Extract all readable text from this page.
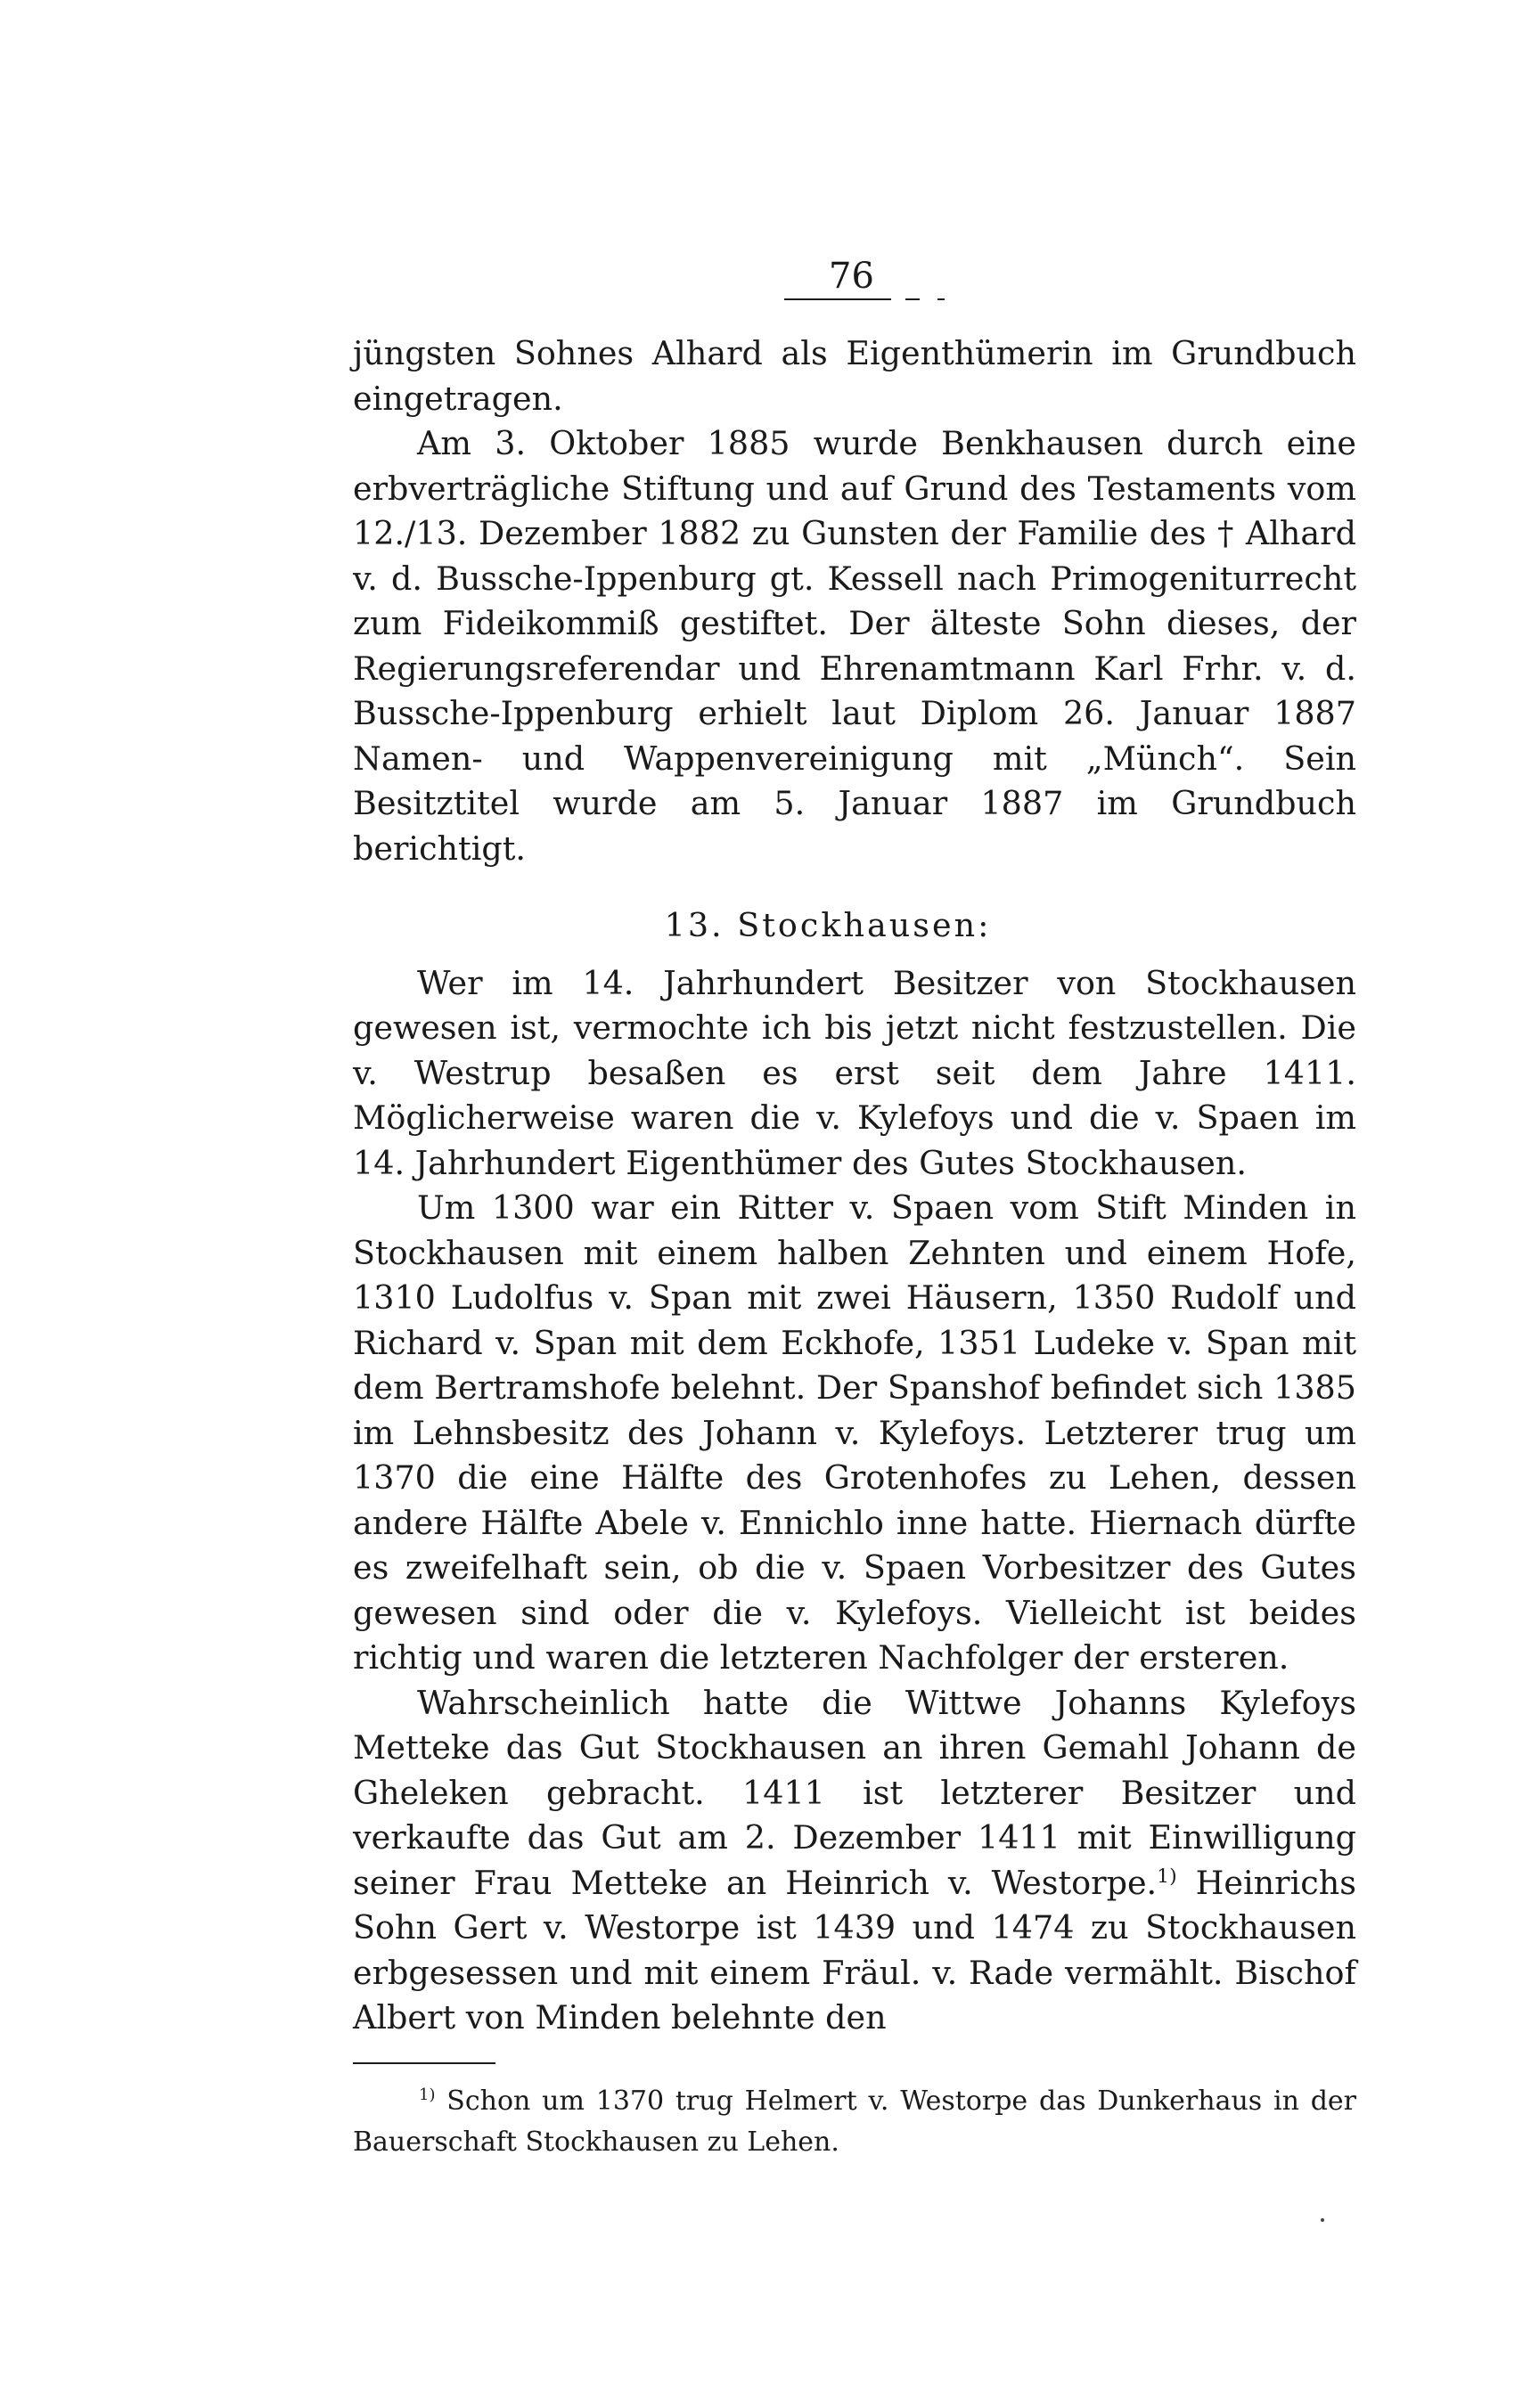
76

jüngsten Sohnes Alhard als Eigenthümerin im Grundbuch eingetragen.

Am 3. Oktober 1885 wurde Benkhausen durch eine erbverträgliche Stiftung und auf Grund des Testaments vom 12./13. Dezember 1882 zu Gunsten der Familie des † Alhard v. d. Bussche-Ippenburg gt. Kessell nach Primogeniturrecht zum Fideikommiß gestiftet. Der älteste Sohn dieses, der Regierungsreferendar und Ehrenamtmann Karl Frhr. v. d. Bussche-Ippenburg erhielt laut Diplom 26. Januar 1887 Namen- und Wappenvereinigung mit „Münch“. Sein Besitztitel wurde am 5. Januar 1887 im Grundbuch berichtigt.

13. Stockhausen:

Wer im 14. Jahrhundert Besitzer von Stockhausen gewesen ist, vermochte ich bis jetzt nicht festzustellen. Die v. Westrup besaßen es erst seit dem Jahre 1411. Möglicherweise waren die v. Kylefoys und die v. Spaen im 14. Jahrhundert Eigenthümer des Gutes Stockhausen.

Um 1300 war ein Ritter v. Spaen vom Stift Minden in Stockhausen mit einem halben Zehnten und einem Hofe, 1310 Ludolfus v. Span mit zwei Häusern, 1350 Rudolf und Richard v. Span mit dem Eckhofe, 1351 Ludeke v. Span mit dem Bertramshofe belehnt. Der Spanshof befindet sich 1385 im Lehnsbesitz des Johann v. Kylefoys. Letzterer trug um 1370 die eine Hälfte des Grotenhofes zu Lehen, dessen andere Hälfte Abele v. Ennichlo inne hatte. Hiernach dürfte es zweifelhaft sein, ob die v. Spaen Vorbesitzer des Gutes gewesen sind oder die v. Kylefoys. Vielleicht ist beides richtig und waren die letzteren Nachfolger der ersteren.

Wahrscheinlich hatte die Wittwe Johanns Kylefoys Metteke das Gut Stockhausen an ihren Gemahl Johann de Gheleken gebracht. 1411 ist letzterer Besitzer und verkaufte das Gut am 2. Dezember 1411 mit Einwilligung seiner Frau Metteke an Heinrich v. Westorpe.$^{1)}$ Heinrichs Sohn Gert v. Westorpe ist 1439 und 1474 zu Stockhausen erbgesessen und mit einem Fräul. v. Rade vermählt. Bischof Albert von Minden belehnte den

$^{1)}$ Schon um 1370 trug Helmert v. Westorpe das Dunkerhaus in der Bauerschaft Stockhausen zu Lehen.
